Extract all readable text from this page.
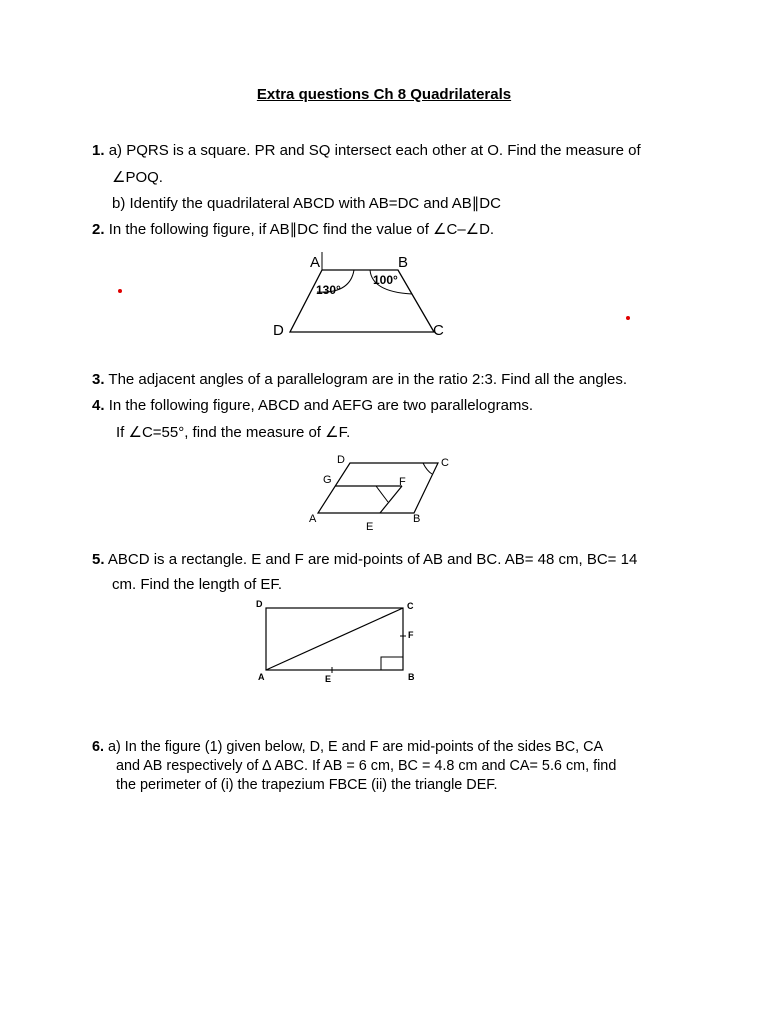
Extra questions Ch 8 Quadrilaterals
1. a) PQRS is a square. PR and SQ intersect each other at O. Find the measure of
∠POQ.
b) Identify the quadrilateral ABCD with AB=DC and AB∥DC
2. In the following figure, if AB∥DC find the value of ∠C–∠D.
A	B
D	C
130°
100°
3. The adjacent angles of a parallelogram are in the ratio 2:3. Find all the angles.
4. In the following figure, ABCD and AEFG are two parallelograms.
If ∠C=55°, find the measure of ∠F.
D	C
G	F
A	B
E
5. ABCD is a rectangle. E and F are mid-points of AB and BC. AB= 48 cm, BC= 14
cm. Find the length of EF.
D	C
F
A	E	B
6. a) In the figure (1) given below, D, E and F are mid-points of the sides BC, CA
and AB respectively of ∆ ABC. If AB = 6 cm, BC = 4.8 cm and CA= 5.6 cm, find
the perimeter of (i) the trapezium FBCE (ii) the triangle DEF.
